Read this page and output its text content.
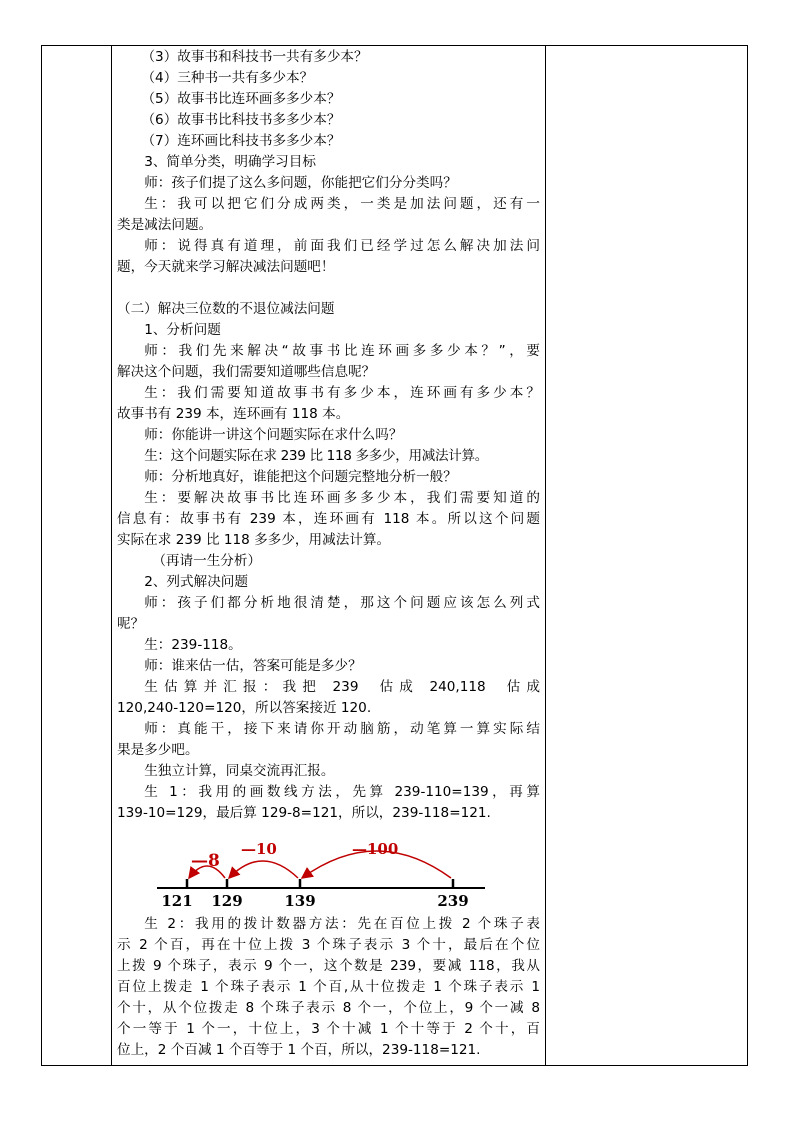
（3）故事书和科技书一共有多少本？

（4）三种书一共有多少本？

（5）故事书比连环画多多少本？

（6）故事书比科技书多多少本？

（7）连环画比科技书多多少本？

3、简单分类，明确学习目标

师：孩子们提了这么多问题，你能把它们分分类吗？

生：我可以把它们分成两类，一类是加法问题，还有一

类是减法问题。

师：说得真有道理，前面我们已经学过怎么解决加法问

题，今天就来学习解决减法问题吧！

（二）解决三位数的不退位减法问题

1、分析问题

师：我们先来解决“故事书比连环画多多少本？”，要

解决这个问题，我们需要知道哪些信息呢？

生：我们需要知道故事书有多少本，连环画有多少本？

故事书有 239 本，连环画有 118 本。

师：你能讲一讲这个问题实际在求什么吗？

生：这个问题实际在求 239 比 118 多多少，用减法计算。

师：分析地真好，谁能把这个问题完整地分析一般？

生：要解决故事书比连环画多多少本，我们需要知道的

信息有：故事书有 239 本，连环画有 118 本。所以这个问题

实际在求 239 比 118 多多少，用减法计算。

（再请一生分析）

2、列式解决问题

师：孩子们都分析地很清楚，那这个问题应该怎么列式

呢？

生：239-118。

师：谁来估一估，答案可能是多少？

生估算并汇报：我把 239  估成 240,118  估成

120,240-120=120，所以答案接近 120.

师：真能干，接下来请你开动脑筋，动笔算一算实际结

果是多少吧。

生独立计算，同桌交流再汇报。

生 1：我用的画数线方法，先算 239-110=139，再算

139-10=129，最后算 129-8=121，所以，239-118=121.

—8
—10	—100
121 129	139	239

生 2：我用的拨计数器方法：先在百位上拨 2 个珠子表

示 2 个百，再在十位上拨 3 个珠子表示 3 个十，最后在个位

上拨 9 个珠子，表示 9 个一，这个数是 239，要减 118，我从

百位上拨走 1 个珠子表示 1 个百,从十位拨走 1 个珠子表示 1

个十，从个位拨走 8 个珠子表示 8 个一，个位上，9 个一减 8

个一等于 1 个一，十位上，3 个十减 1 个十等于 2 个十，百

位上，2 个百减 1 个百等于 1 个百，所以，239-118=121.
